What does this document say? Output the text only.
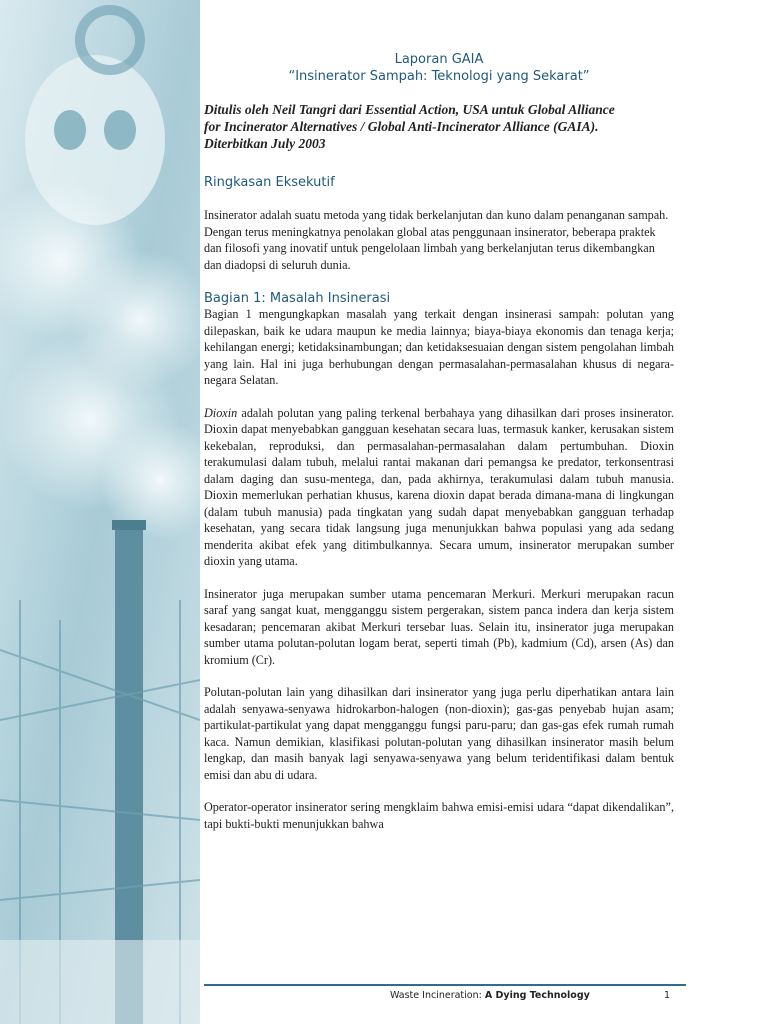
Laporan GAIA
“Insinerator Sampah: Teknologi yang Sekarat”
Ditulis oleh Neil Tangri dari Essential Action, USA untuk Global Alliance
for Incinerator Alternatives / Global Anti-Incinerator Alliance (GAIA).
Diterbitkan July 2003
Ringkasan Eksekutif

Insinerator adalah suatu metoda yang tidak berkelanjutan dan kuno dalam penanganan sampah. Dengan terus meningkatnya penolakan global atas penggunaan insinerator, beberapa praktek dan filosofi yang inovatif untuk pengelolaan limbah yang berkelanjutan terus dikembangkan dan diadopsi di seluruh dunia.

Bagian 1: Masalah Insinerasi

Bagian 1 mengungkapkan masalah yang terkait dengan insinerasi sampah: polutan yang dilepaskan, baik ke udara maupun ke media lainnya; biaya-biaya ekonomis dan tenaga kerja; kehilangan energi; ketidaksinambungan; dan ketidaksesuaian dengan sistem pengolahan limbah yang lain. Hal ini juga berhubungan dengan permasalahan-permasalahan khusus di negara-negara Selatan.

Dioxin adalah polutan yang paling terkenal berbahaya yang dihasilkan dari proses insinerator. Dioxin dapat menyebabkan gangguan kesehatan secara luas, termasuk kanker, kerusakan sistem kekebalan, reproduksi, dan permasalahan-permasalahan dalam pertumbuhan. Dioxin terakumulasi dalam tubuh, melalui rantai makanan dari pemangsa ke predator, terkonsentrasi dalam daging dan susu-mentega, dan, pada akhirnya, terakumulasi dalam tubuh manusia. Dioxin memerlukan perhatian khusus, karena dioxin dapat berada dimana-mana di lingkungan (dalam tubuh manusia) pada tingkatan yang sudah dapat menyebabkan gangguan terhadap kesehatan, yang secara tidak langsung juga menunjukkan bahwa populasi yang ada sedang menderita akibat efek yang ditimbulkannya. Secara umum, insinerator merupakan sumber dioxin yang utama.

Insinerator juga merupakan sumber utama pencemaran Merkuri. Merkuri merupakan racun saraf yang sangat kuat, mengganggu sistem pergerakan, sistem panca indera dan kerja sistem kesadaran; pencemaran akibat Merkuri tersebar luas. Selain itu, insinerator juga merupakan sumber utama polutan-polutan logam berat, seperti timah (Pb), kadmium (Cd), arsen (As) dan kromium (Cr).

Polutan-polutan lain yang dihasilkan dari insinerator yang juga perlu diperhatikan antara lain adalah senyawa-senyawa hidrokarbon-halogen (non-dioxin); gas-gas penyebab hujan asam; partikulat-partikulat yang dapat mengganggu fungsi paru-paru; dan gas-gas efek rumah rumah kaca. Namun demikian, klasifikasi polutan-polutan yang dihasilkan insinerator masih belum lengkap, dan masih banyak lagi senyawa-senyawa yang belum teridentifikasi dalam bentuk emisi dan abu di udara.

Operator-operator insinerator sering mengklaim bahwa emisi-emisi udara “dapat dikendalikan”, tapi bukti-bukti menunjukkan bahwa

Waste Incineration: A Dying Technology	1
